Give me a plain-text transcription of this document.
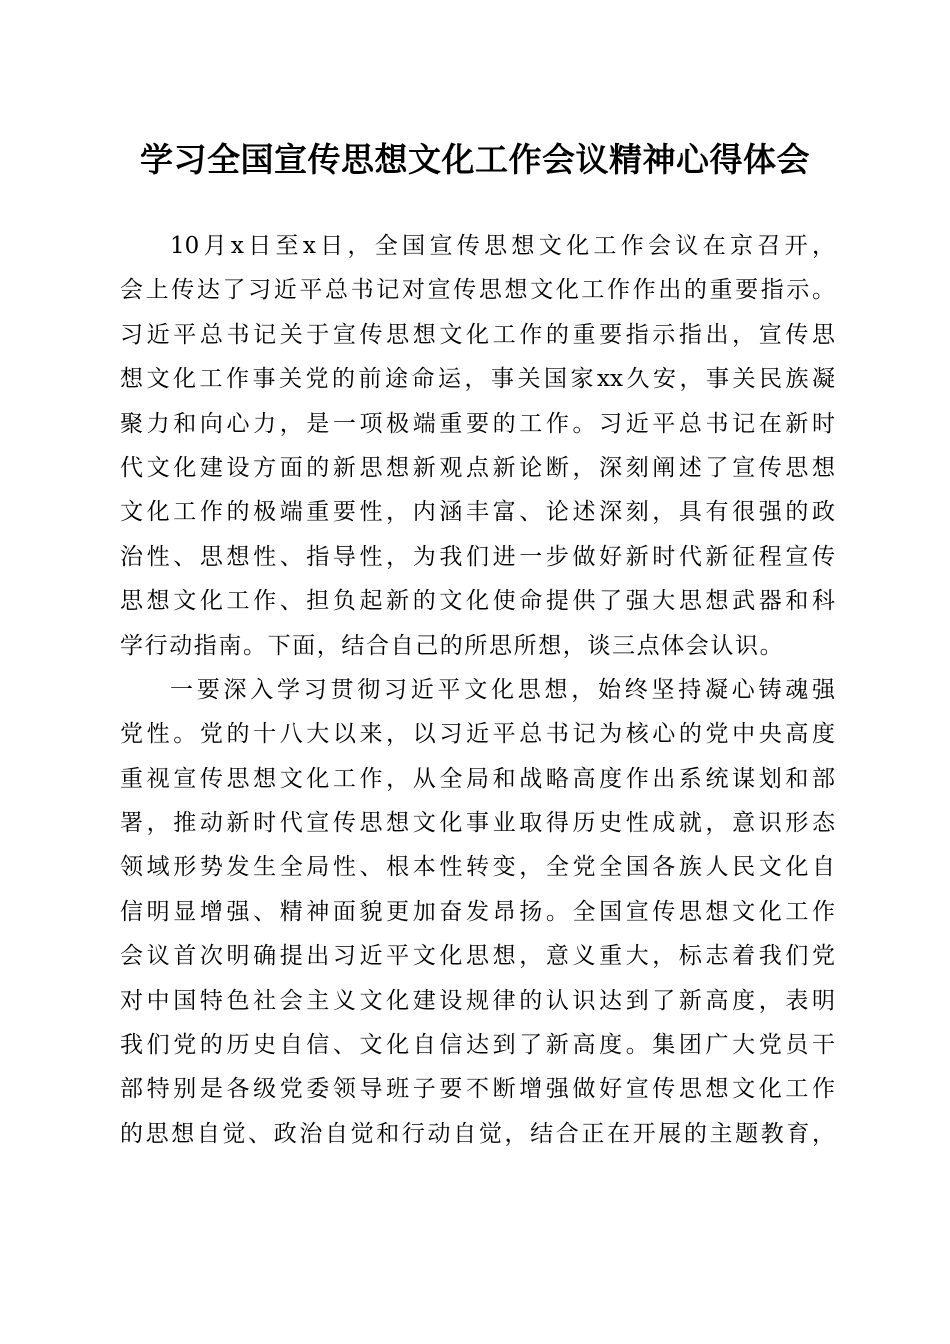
学习全国宣传思想文化工作会议精神心得体会
10月x日至x日，全国宣传思想文化工作会议在京召开，
会上传达了习近平总书记对宣传思想文化工作作出的重要指示。
习近平总书记关于宣传思想文化工作的重要指示指出，宣传思
想文化工作事关党的前途命运，事关国家xx久安，事关民族凝
聚力和向心力，是一项极端重要的工作。习近平总书记在新时
代文化建设方面的新思想新观点新论断，深刻阐述了宣传思想
文化工作的极端重要性，内涵丰富、论述深刻，具有很强的政
治性、思想性、指导性，为我们进一步做好新时代新征程宣传
思想文化工作、担负起新的文化使命提供了强大思想武器和科
学行动指南。下面，结合自己的所思所想，谈三点体会认识。
一要深入学习贯彻习近平文化思想，始终坚持凝心铸魂强
党性。党的十八大以来，以习近平总书记为核心的党中央高度
重视宣传思想文化工作，从全局和战略高度作出系统谋划和部
署，推动新时代宣传思想文化事业取得历史性成就，意识形态
领域形势发生全局性、根本性转变，全党全国各族人民文化自
信明显增强、精神面貌更加奋发昂扬。全国宣传思想文化工作
会议首次明确提出习近平文化思想，意义重大，标志着我们党
对中国特色社会主义文化建设规律的认识达到了新高度，表明
我们党的历史自信、文化自信达到了新高度。集团广大党员干
部特别是各级党委领导班子要不断增强做好宣传思想文化工作
的思想自觉、政治自觉和行动自觉，结合正在开展的主题教育，
